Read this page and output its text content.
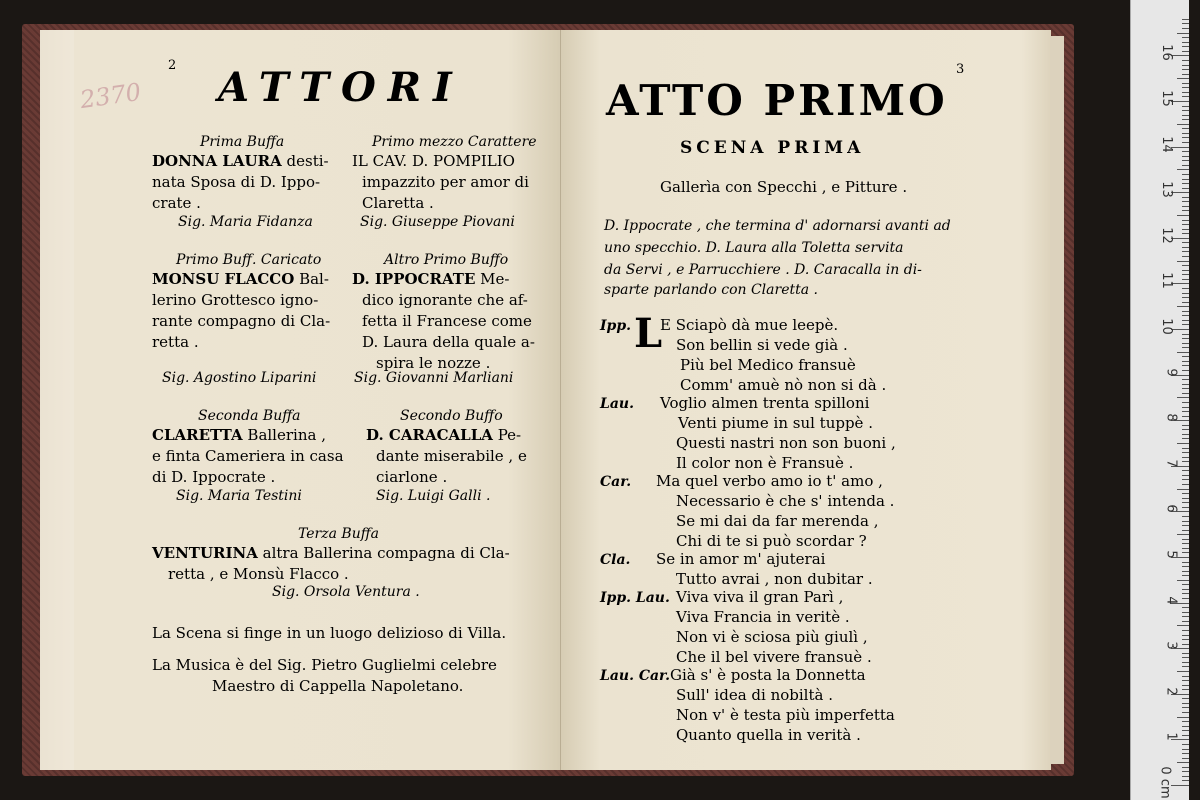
2 ATTORI
2370
Prima Buffa
DONNA LAURA desti-
nata Sposa di D. Ippo-
crate .
Sig. Maria Fidanza
Primo mezzo Carattere
IL CAV. D. POMPILIO
impazzito per amor di
Claretta .
Sig. Giuseppe Piovani
Primo Buff. Caricato
MONSU FLACCO Bal-
lerino Grottesco igno-
rante compagno di Cla-
retta .
Sig. Agostino Liparini
Altro Primo Buffo
D. IPPOCRATE Me-
dico ignorante che af-
fetta il Francese come
D. Laura della quale a-
spira le nozze .
Sig. Giovanni Marliani
Seconda Buffa
CLARETTA Ballerina ,
e finta Cameriera in casa
di D. Ippocrate .
Sig. Maria Testini
Secondo Buffo
D. CARACALLA Pe-
dante miserabile , e
ciarlone .
Sig. Luigi Galli .
Terza Buffa
VENTURINA altra Ballerina compagna di Cla-
retta , e Monsù Flacco .
Sig. Orsola Ventura .
La Scena si finge in un luogo delizioso di Villa.
La Musica è del Sig. Pietro Guglielmi celebre
Maestro di Cappella Napoletano.
3
ATTO PRIMO
SCENA PRIMA
Gallerìa con Specchi , e Pitture .
D. Ippocrate , che termina d' adornarsi avanti ad
uno specchio. D. Laura alla Toletta servita
da Servi , e Parrucchiere . D. Caracalla in di-
sparte parlando con Claretta .
L
Ipp. E Sciapò dà mue leepè.
Son bellin si vede già .
Più bel Medico fransuè
Comm' amuè nò non si dà .
Lau. Voglio almen trenta spilloni
Venti piume in sul tuppè .
Questi nastri non son buoni ,
Il color non è Fransuè .
Car. Ma quel verbo amo io t' amo ,
Necessario è che s' intenda .
Se mi dai da far merenda ,
Chi di te si può scordar ?
Cla. Se in amor m' ajuterai
Tutto avrai , non dubitar .
Ipp. Lau. Viva viva il gran Parì ,
Viva Francia in veritè .
Non vi è sciosa più giulì ,
Che il bel vivere fransuè .
Lau. Car. Già s' è posta la Donnetta
Sull' idea di nobiltà .
Non v' è testa più imperfetta
Quanto quella in verità .
0 cm
1
2
3
4
5
6
7
8
9
10
11
12
13
14
15
16
